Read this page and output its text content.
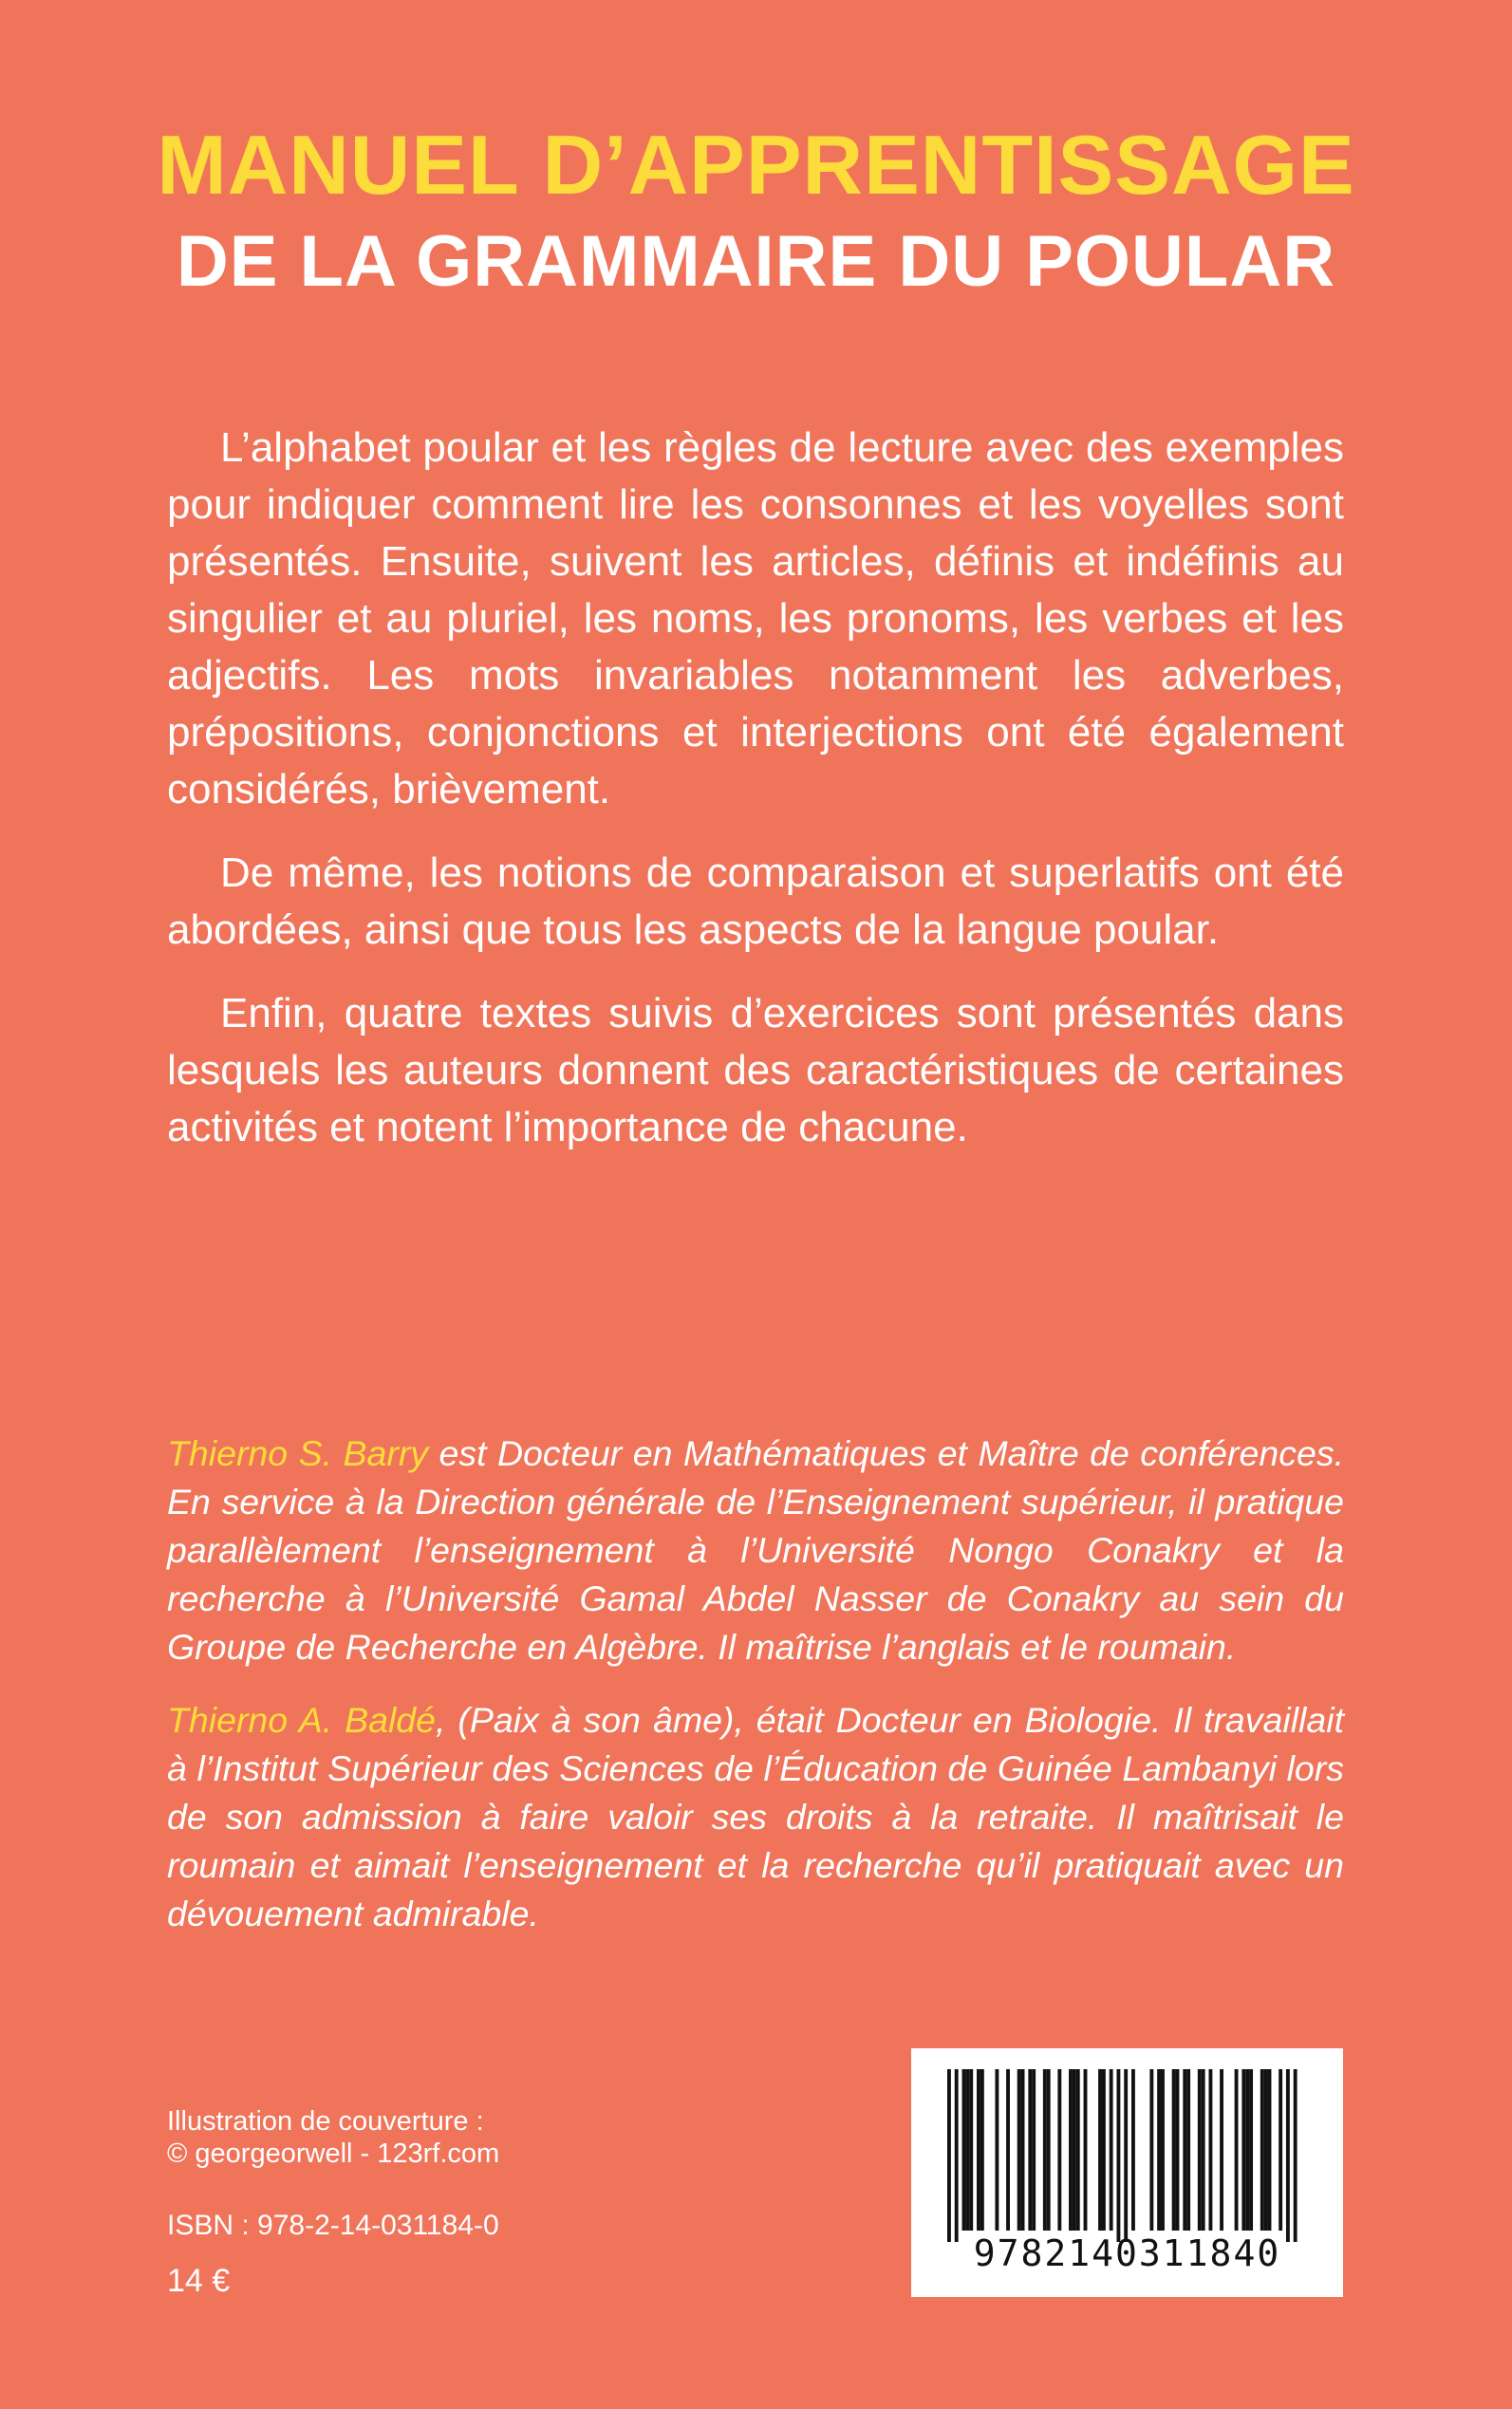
MANUEL D’APPRENTISSAGE
DE LA GRAMMAIRE DU POULAR

L’alphabet poular et les règles de lecture avec des exemples pour indiquer comment lire les consonnes et les voyelles sont présentés. Ensuite, suivent les articles, définis et indéfinis au singulier et au pluriel, les noms, les pronoms, les verbes et les adjectifs. Les mots invariables notamment les adverbes, prépositions, conjonctions et interjections ont été également considérés, brièvement.

De même, les notions de comparaison et superlatifs ont été abordées, ainsi que tous les aspects de la langue poular.

Enfin, quatre textes suivis d’exercices sont présentés dans lesquels les auteurs donnent des caractéristiques de certaines activités et notent l’importance de chacune.

Thierno S. Barry est Docteur en Mathématiques et Maître de conférences. En service à la Direction générale de l’Enseignement supérieur, il pratique parallèlement l’enseignement à l’Université Nongo Conakry et la recherche à l’Université Gamal Abdel Nasser de Conakry au sein du Groupe de Recherche en Algèbre. Il maîtrise l’anglais et le roumain.

Thierno A. Baldé, (Paix à son âme), était Docteur en Biologie. Il travaillait à l’Institut Supérieur des Sciences de l’Éducation de Guinée Lambanyi lors de son admission à faire valoir ses droits à la retraite. Il maîtrisait le roumain et aimait l’enseignement et la recherche qu’il pratiquait avec un dévouement admirable.

Illustration de couverture :
© georgeorwell - 123rf.com
ISBN : 978-2-14-031184-0
14 €
9782140311840
